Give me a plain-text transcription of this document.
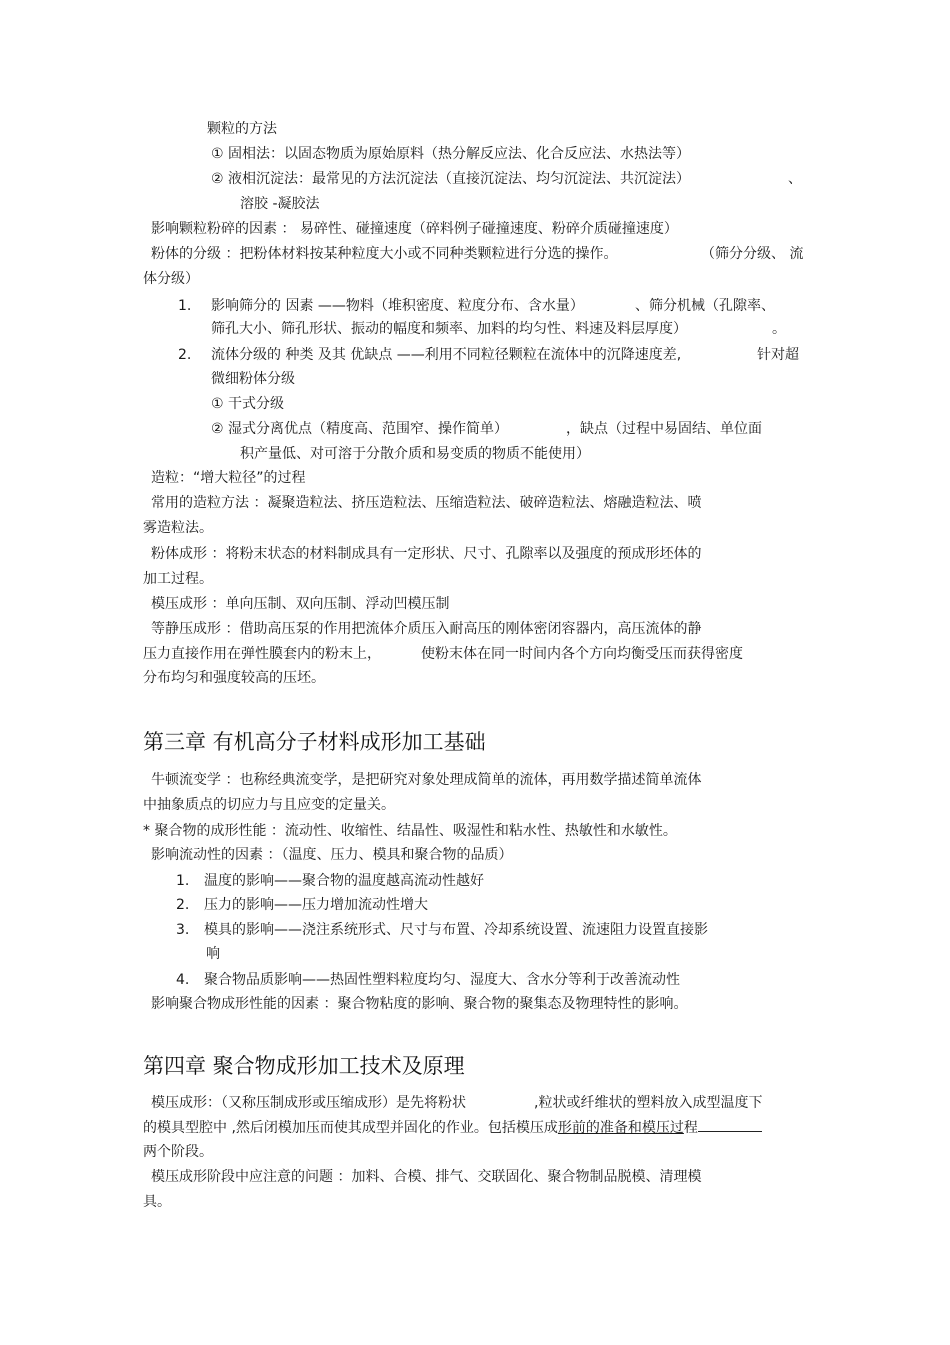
颗粒的方法
① 固相法：以固态物质为原始原料（热分解反应法、化合反应法、水热法等）
② 液相沉淀法：最常见的方法沉淀法（直接沉淀法、均匀沉淀法、共沉淀法）	、
溶胶 -凝胶法
影响颗粒粉碎的因素 ： 易碎性、碰撞速度（碎料例子碰撞速度、粉碎介质碰撞速度）
粉体的分级 ：把粉体材料按某种粒度大小或不同种类颗粒进行分选的操作。	（筛分分级、 流
体分级）
1. 影响筛分的 因素 ——物料（堆积密度、粒度分布、含水量）	、筛分机械（孔隙率、
筛孔大小、筛孔形状、振动的幅度和频率、加料的均匀性、料速及料层厚度）	。
2. 流体分级的 种类 及其 优缺点 ——利用不同粒径颗粒在流体中的沉降速度差,	针对超
微细粉体分级
① 干式分级
② 湿式分离优点（精度高、范围窄、操作简单）	，缺点（过程中易固结、单位面
积产量低、对可溶于分散介质和易变质的物质不能使用）
造粒：“增大粒径”的过程
常用的造粒方法 ：凝聚造粒法、挤压造粒法、压缩造粒法、破碎造粒法、熔融造粒法、喷
雾造粒法。
粉体成形 ：将粉末状态的材料制成具有一定形状、尺寸、孔隙率以及强度的预成形坯体的
加工过程。
模压成形 ：单向压制、双向压制、浮动凹模压制
等静压成形 ：借助高压泵的作用把流体介质压入耐高压的刚体密闭容器内，高压流体的静
压力直接作用在弹性膜套内的粉末上，	使粉末体在同一时间内各个方向均衡受压而获得密度
分布均匀和强度较高的压坯。
第三章 有机高分子材料成形加工基础
牛顿流变学 ：也称经典流变学，是把研究对象处理成简单的流体，再用数学描述简单流体
中抽象质点的切应力与且应变的定量关。
* 聚合物的成形性能 ：流动性、收缩性、结晶性、吸湿性和粘水性、热敏性和水敏性。
影响流动性的因素 ：（温度、压力、模具和聚合物的品质）
1. 温度的影响——聚合物的温度越高流动性越好
2. 压力的影响——压力增加流动性增大
3. 模具的影响——浇注系统形式、尺寸与布置、冷却系统设置、流速阻力设置直接影
响
4. 聚合物品质影响——热固性塑料粒度均匀、湿度大、含水分等利于改善流动性
影响聚合物成形性能的因素 ：聚合物粘度的影响、聚合物的聚集态及物理特性的影响。
第四章 聚合物成形加工技术及原理
模压成形：（又称压制成形或压缩成形）是先将粉状	,粒状或纤维状的塑料放入成型温度下
的模具型腔中 ,然后闭模加压而使其成型并固化的作业。包括模压成形前的准备和模压过程
两个阶段。
模压成形阶段中应注意的问题 ：加料、合模、排气、交联固化、聚合物制品脱模、清理模
具。
